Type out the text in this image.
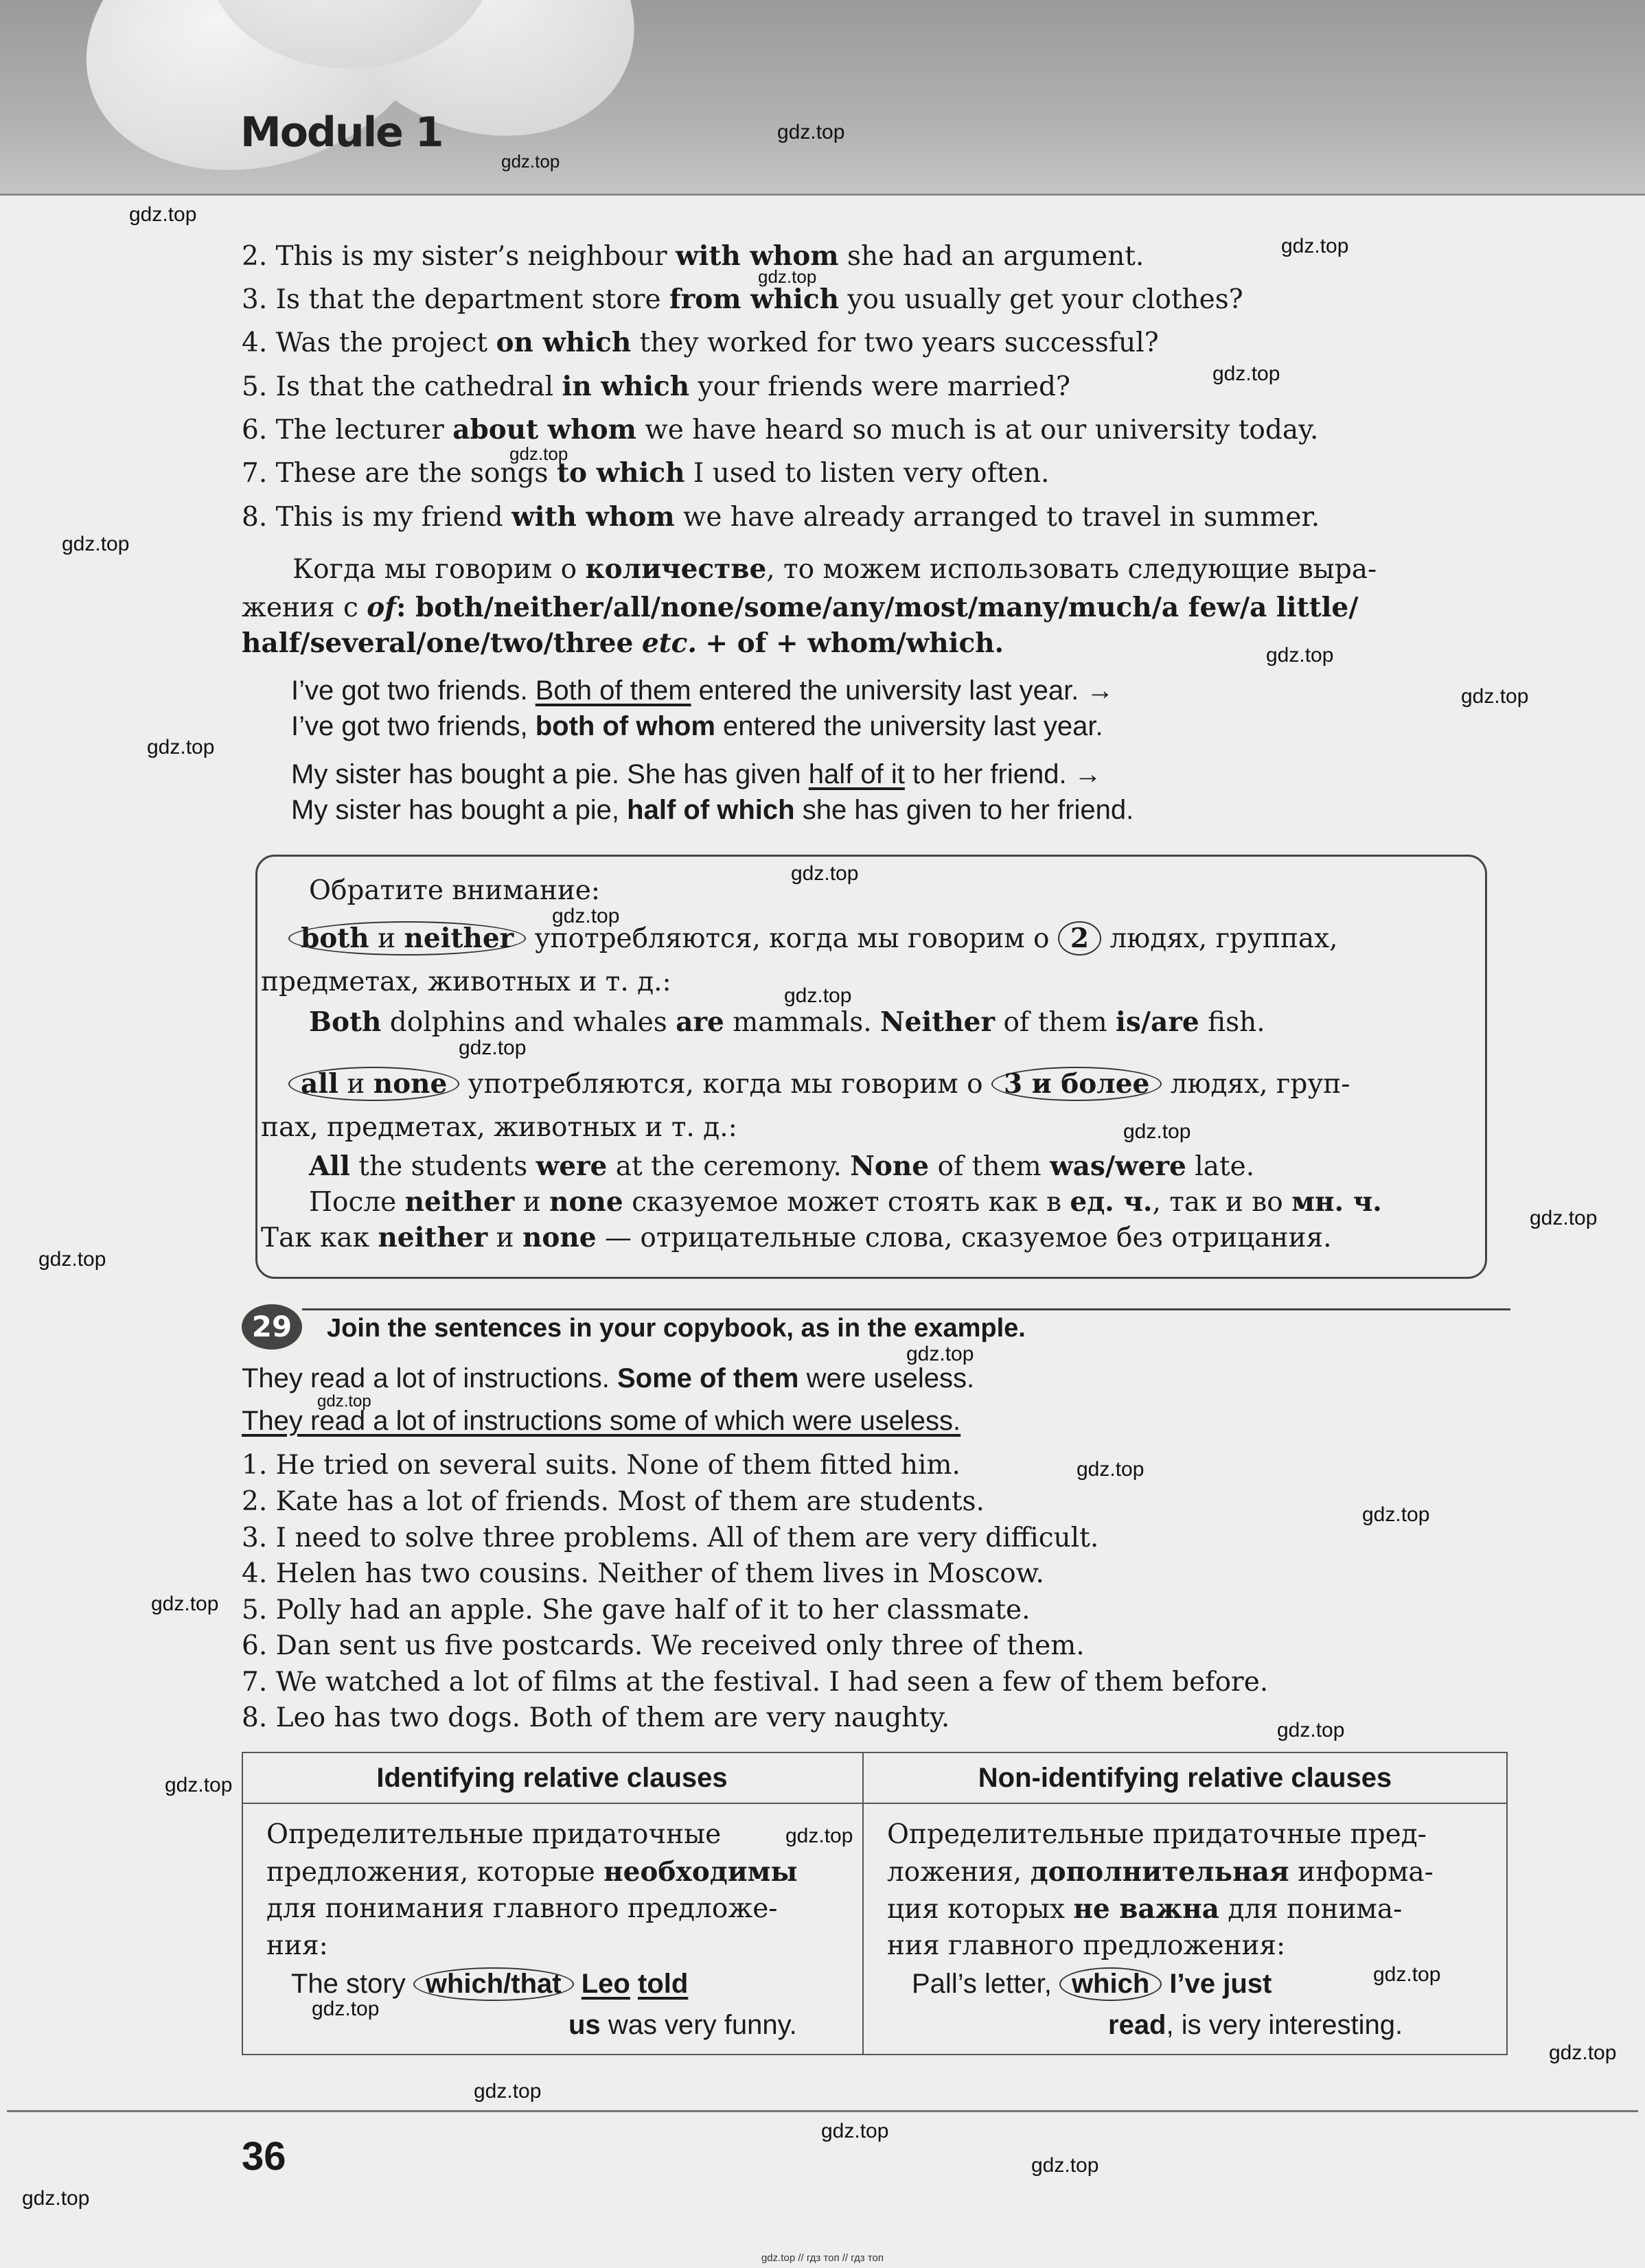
Module 1
2. This is my sister’s neighbour with whom she had an argument.
3. Is that the department store from which you usually get your clothes?
4. Was the project on which they worked for two years successful?
5. Is that the cathedral in which your friends were married?
6. The lecturer about whom we have heard so much is at our university today.
7. These are the songs to which I used to listen very often.
8. This is my friend with whom we have already arranged to travel in summer.
Когда мы говорим о количестве, то можем использовать следующие выра-
жения с of: both/neither/all/none/some/any/most/many/much/a few/a little/
half/several/one/two/three etc. + of + whom/which.
I’ve got two friends. Both of them entered the university last year. →
I’ve got two friends, both of whom entered the university last year.
My sister has bought a pie. She has given half of it to her friend. →
My sister has bought a pie, half of which she has given to her friend.
Обратите внимание:
both и neither употребляются, когда мы говорим о 2 людях, группах,
предметах, животных и т. д.:
Both dolphins and whales are mammals. Neither of them is/are fish.
all и none употребляются, когда мы говорим о 3 и более людях, груп-
пах, предметах, животных и т. д.:
All the students were at the ceremony. None of them was/were late.
После neither и none сказуемое может стоять как в ед. ч., так и во мн. ч.
Так как neither и none — отрицательные слова, сказуемое без отрицания.
29	Join the sentences in your copybook, as in the example.
They read a lot of instructions. Some of them were useless.
They read a lot of instructions some of which were useless.
1. He tried on several suits. None of them fitted him.
2. Kate has a lot of friends. Most of them are students.
3. I need to solve three problems. All of them are very difficult.
4. Helen has two cousins. Neither of them lives in Moscow.
5. Polly had an apple. She gave half of it to her classmate.
6. Dan sent us five postcards. We received only three of them.
7. We watched a lot of films at the festival. I had seen a few of them before.
8. Leo has two dogs. Both of them are very naughty.
Identifying relative clauses	Non-identifying relative clauses
Определительные придаточные
предложения, которые необходимы
для понимания главного предложе-
ния:
The story which/that Leo told
us was very funny.
Определительные придаточные пред-
ложения, дополнительная информа-
ция которых не важна для понима-
ния главного предложения:
Pall’s letter, which I’ve just
read, is very interesting.
36
gdz.top
gdz.top
gdz.top
gdz.top
gdz.top
gdz.top
gdz.top
gdz.top
gdz.top
gdz.top
gdz.top
gdz.top
gdz.top
gdz.top
gdz.top
gdz.top
gdz.top
gdz.top
gdz.top
gdz.top
gdz.top
gdz.top
gdz.top
gdz.top
gdz.top
gdz.top
gdz.top
gdz.top
gdz.top
gdz.top
gdz.top
gdz.top
gdz.top
gdz.top // гдз топ // гдз топ
